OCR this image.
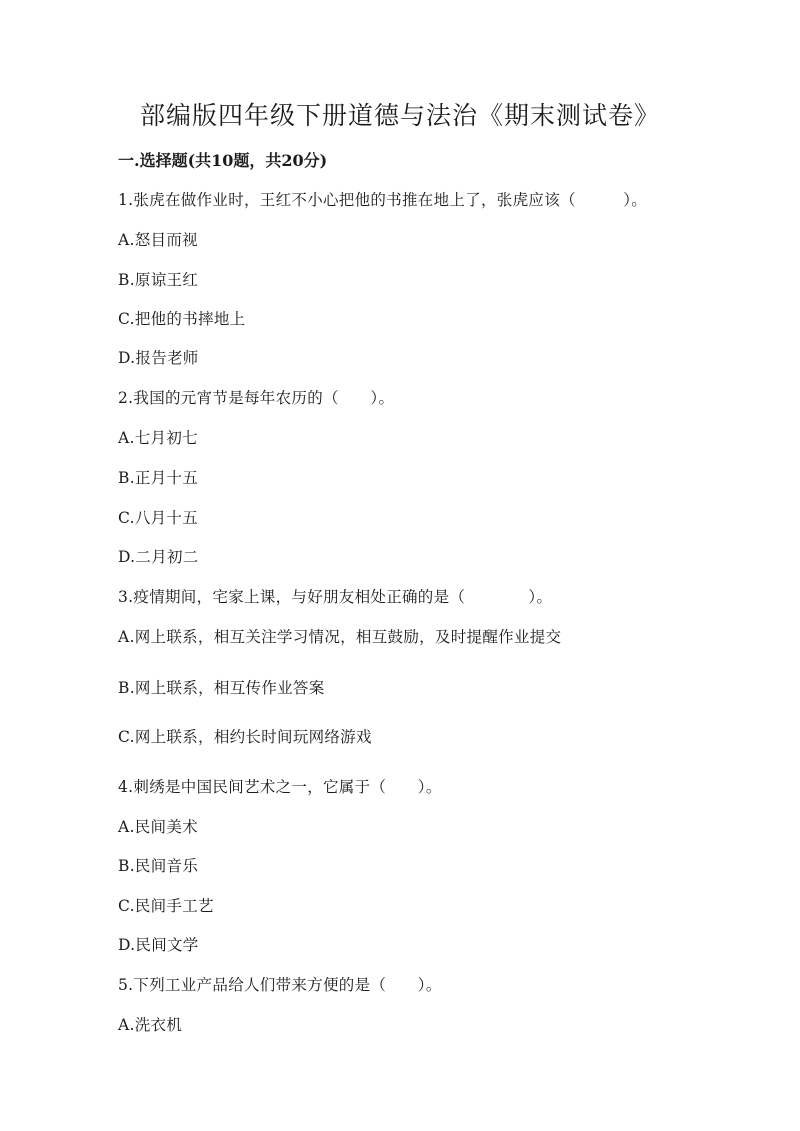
部编版四年级下册道德与法治《期末测试卷》
一.选择题(共10题，共20分)
1.张虎在做作业时，王红不小心把他的书推在地上了，张虎应该（　　　）。
A.怒目而视
B.原谅王红
C.把他的书摔地上
D.报告老师
2.我国的元宵节是每年农历的（　　）。
A.七月初七
B.正月十五
C.八月十五
D.二月初二
3.疫情期间，宅家上课，与好朋友相处正确的是（　　　　）。
A.网上联系，相互关注学习情况，相互鼓励，及时提醒作业提交
B.网上联系，相互传作业答案
C.网上联系，相约长时间玩网络游戏
4.刺绣是中国民间艺术之一，它属于（　　）。
A.民间美术
B.民间音乐
C.民间手工艺
D.民间文学
5.下列工业产品给人们带来方便的是（　　）。
A.洗衣机
